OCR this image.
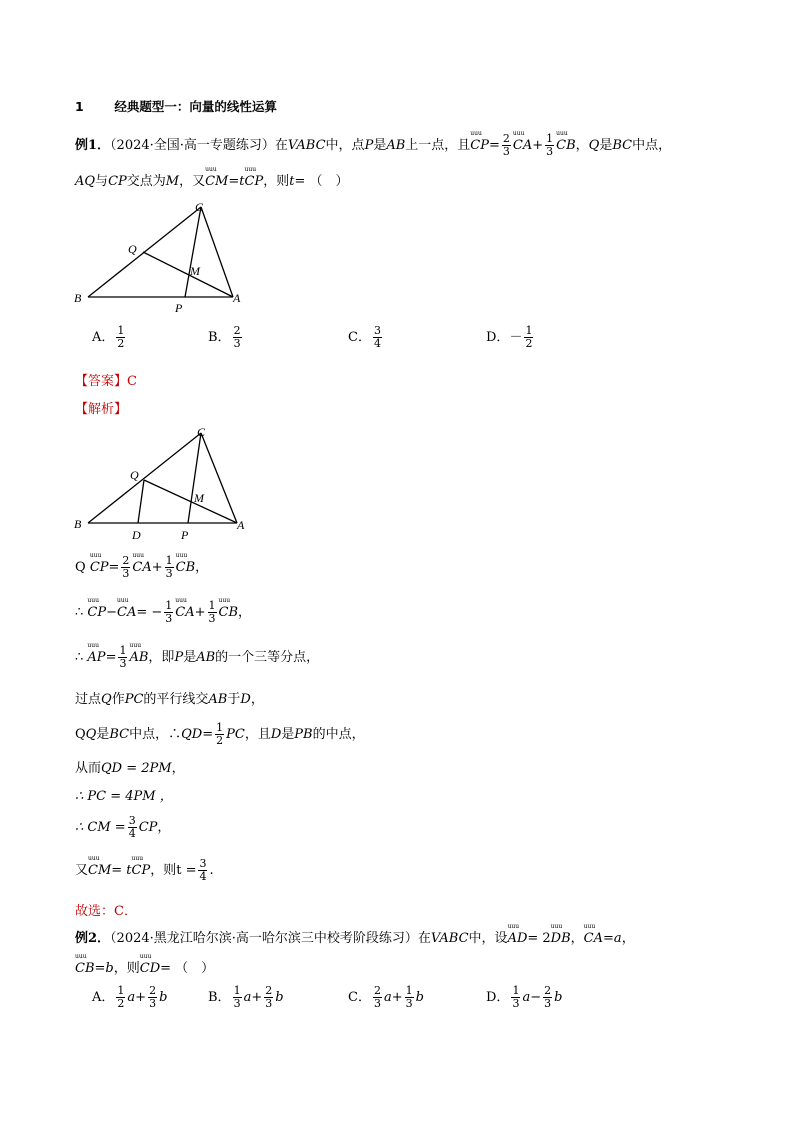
1 经典题型一：向量的线性运算
例1．（2024·全国·高一专题练习）在VABC中，点P是AB上一点，且uuu $CP= \frac{2}{3}$ uuu $CA+ \frac{1}{3}$ uuu CB，Q是BC中点，
AQ与CP交点为M，又uuu CM=tuuu CP，则t= （　）
C
Q
M
B
P
A
A． $\frac{1}{2}$	B． $\frac{2}{3}$	C． $\frac{3}{4}$	D．－ $\frac{1}{2}$
【答案】C
【解析】
C
Q
M
B
D	P
A
Q uuu $CP= \frac{2}{3}$ uuu $CA+ \frac{1}{3}$ uuu CB，
∴ uuu CP−uuu $CA= - \frac{1}{3}$ uuu $CA+ \frac{1}{3}$ uuu CB，
∴ uuu $AP= \frac{1}{3}$ uuu AB，即P是AB的一个三等分点，
过点Q作PC的平行线交AB于D，
QQ是BC中点，∴QD= $\frac{1}{2}$ PC，且D是PB的中点，
从而QD = 2PM，
∴ PC = 4PM ，
∴ CM = $\frac{3}{4}$ CP，
又uuu CM= tuuu CP，则$t = \frac{3}{4}$ .
故选：C．
例2．（2024·黑龙江哈尔滨·高一哈尔滨三中校考阶段练习）在VABC中，设uuu AD= 2uuu DB，uuu CA=a，
uuu CB=b，则uuu CD= （　）
A． $\frac{1}{2} a+ \frac{2}{3}$ b	B． $\frac{1}{3} a+ \frac{2}{3}$ b	C． $\frac{2}{3} a+ \frac{1}{3}$ b	D． $\frac{1}{3} a- \frac{2}{3}$ b
